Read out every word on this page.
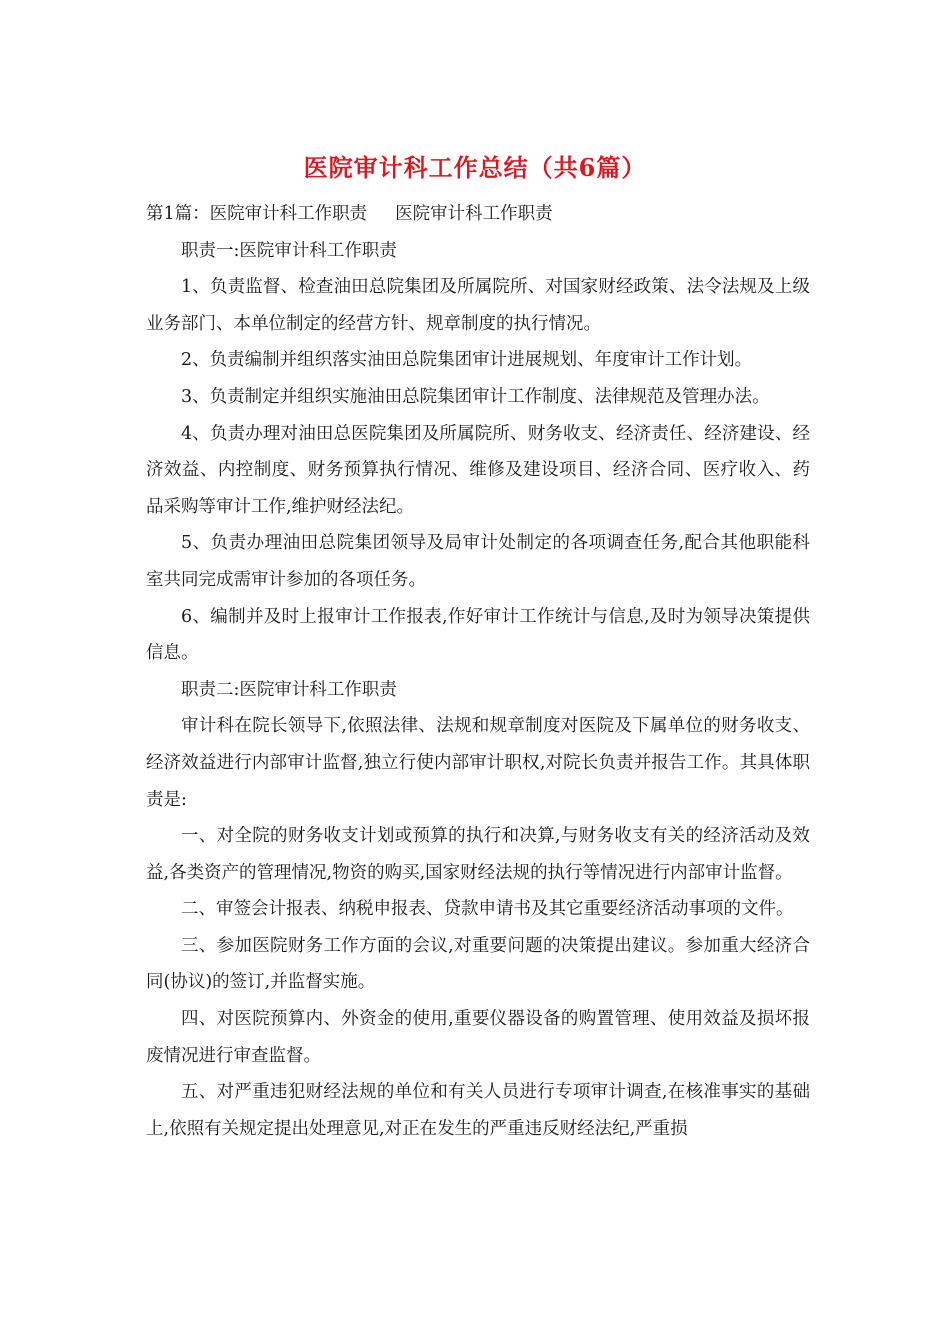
医院审计科工作总结（共6篇）

第1篇：医院审计科工作职责 医院审计科工作职责

职责一:医院审计科工作职责

1、负责监督、检查油田总院集团及所属院所、对国家财经政策、法令法规及上级业务部门、本单位制定的经营方针、规章制度的执行情况。

2、负责编制并组织落实油田总院集团审计进展规划、年度审计工作计划。

3、负责制定并组织实施油田总院集团审计工作制度、法律规范及管理办法。

4、负责办理对油田总医院集团及所属院所、财务收支、经济责任、经济建设、经济效益、内控制度、财务预算执行情况、维修及建设项目、经济合同、医疗收入、药品采购等审计工作,维护财经法纪。

5、负责办理油田总院集团领导及局审计处制定的各项调查任务,配合其他职能科室共同完成需审计参加的各项任务。

6、编制并及时上报审计工作报表,作好审计工作统计与信息,及时为领导决策提供信息。

职责二:医院审计科工作职责

审计科在院长领导下,依照法律、法规和规章制度对医院及下属单位的财务收支、经济效益进行内部审计监督,独立行使内部审计职权,对院长负责并报告工作。其具体职责是:

一、对全院的财务收支计划或预算的执行和决算,与财务收支有关的经济活动及效益,各类资产的管理情况,物资的购买,国家财经法规的执行等情况进行内部审计监督。

二、审签会计报表、纳税申报表、贷款申请书及其它重要经济活动事项的文件。

三、参加医院财务工作方面的会议,对重要问题的决策提出建议。参加重大经济合同(协议)的签订,并监督实施。

四、对医院预算内、外资金的使用,重要仪器设备的购置管理、使用效益及损坏报废情况进行审查监督。

五、对严重违犯财经法规的单位和有关人员进行专项审计调查,在核准事实的基础上,依照有关规定提出处理意见,对正在发生的严重违反财经法纪,严重损
